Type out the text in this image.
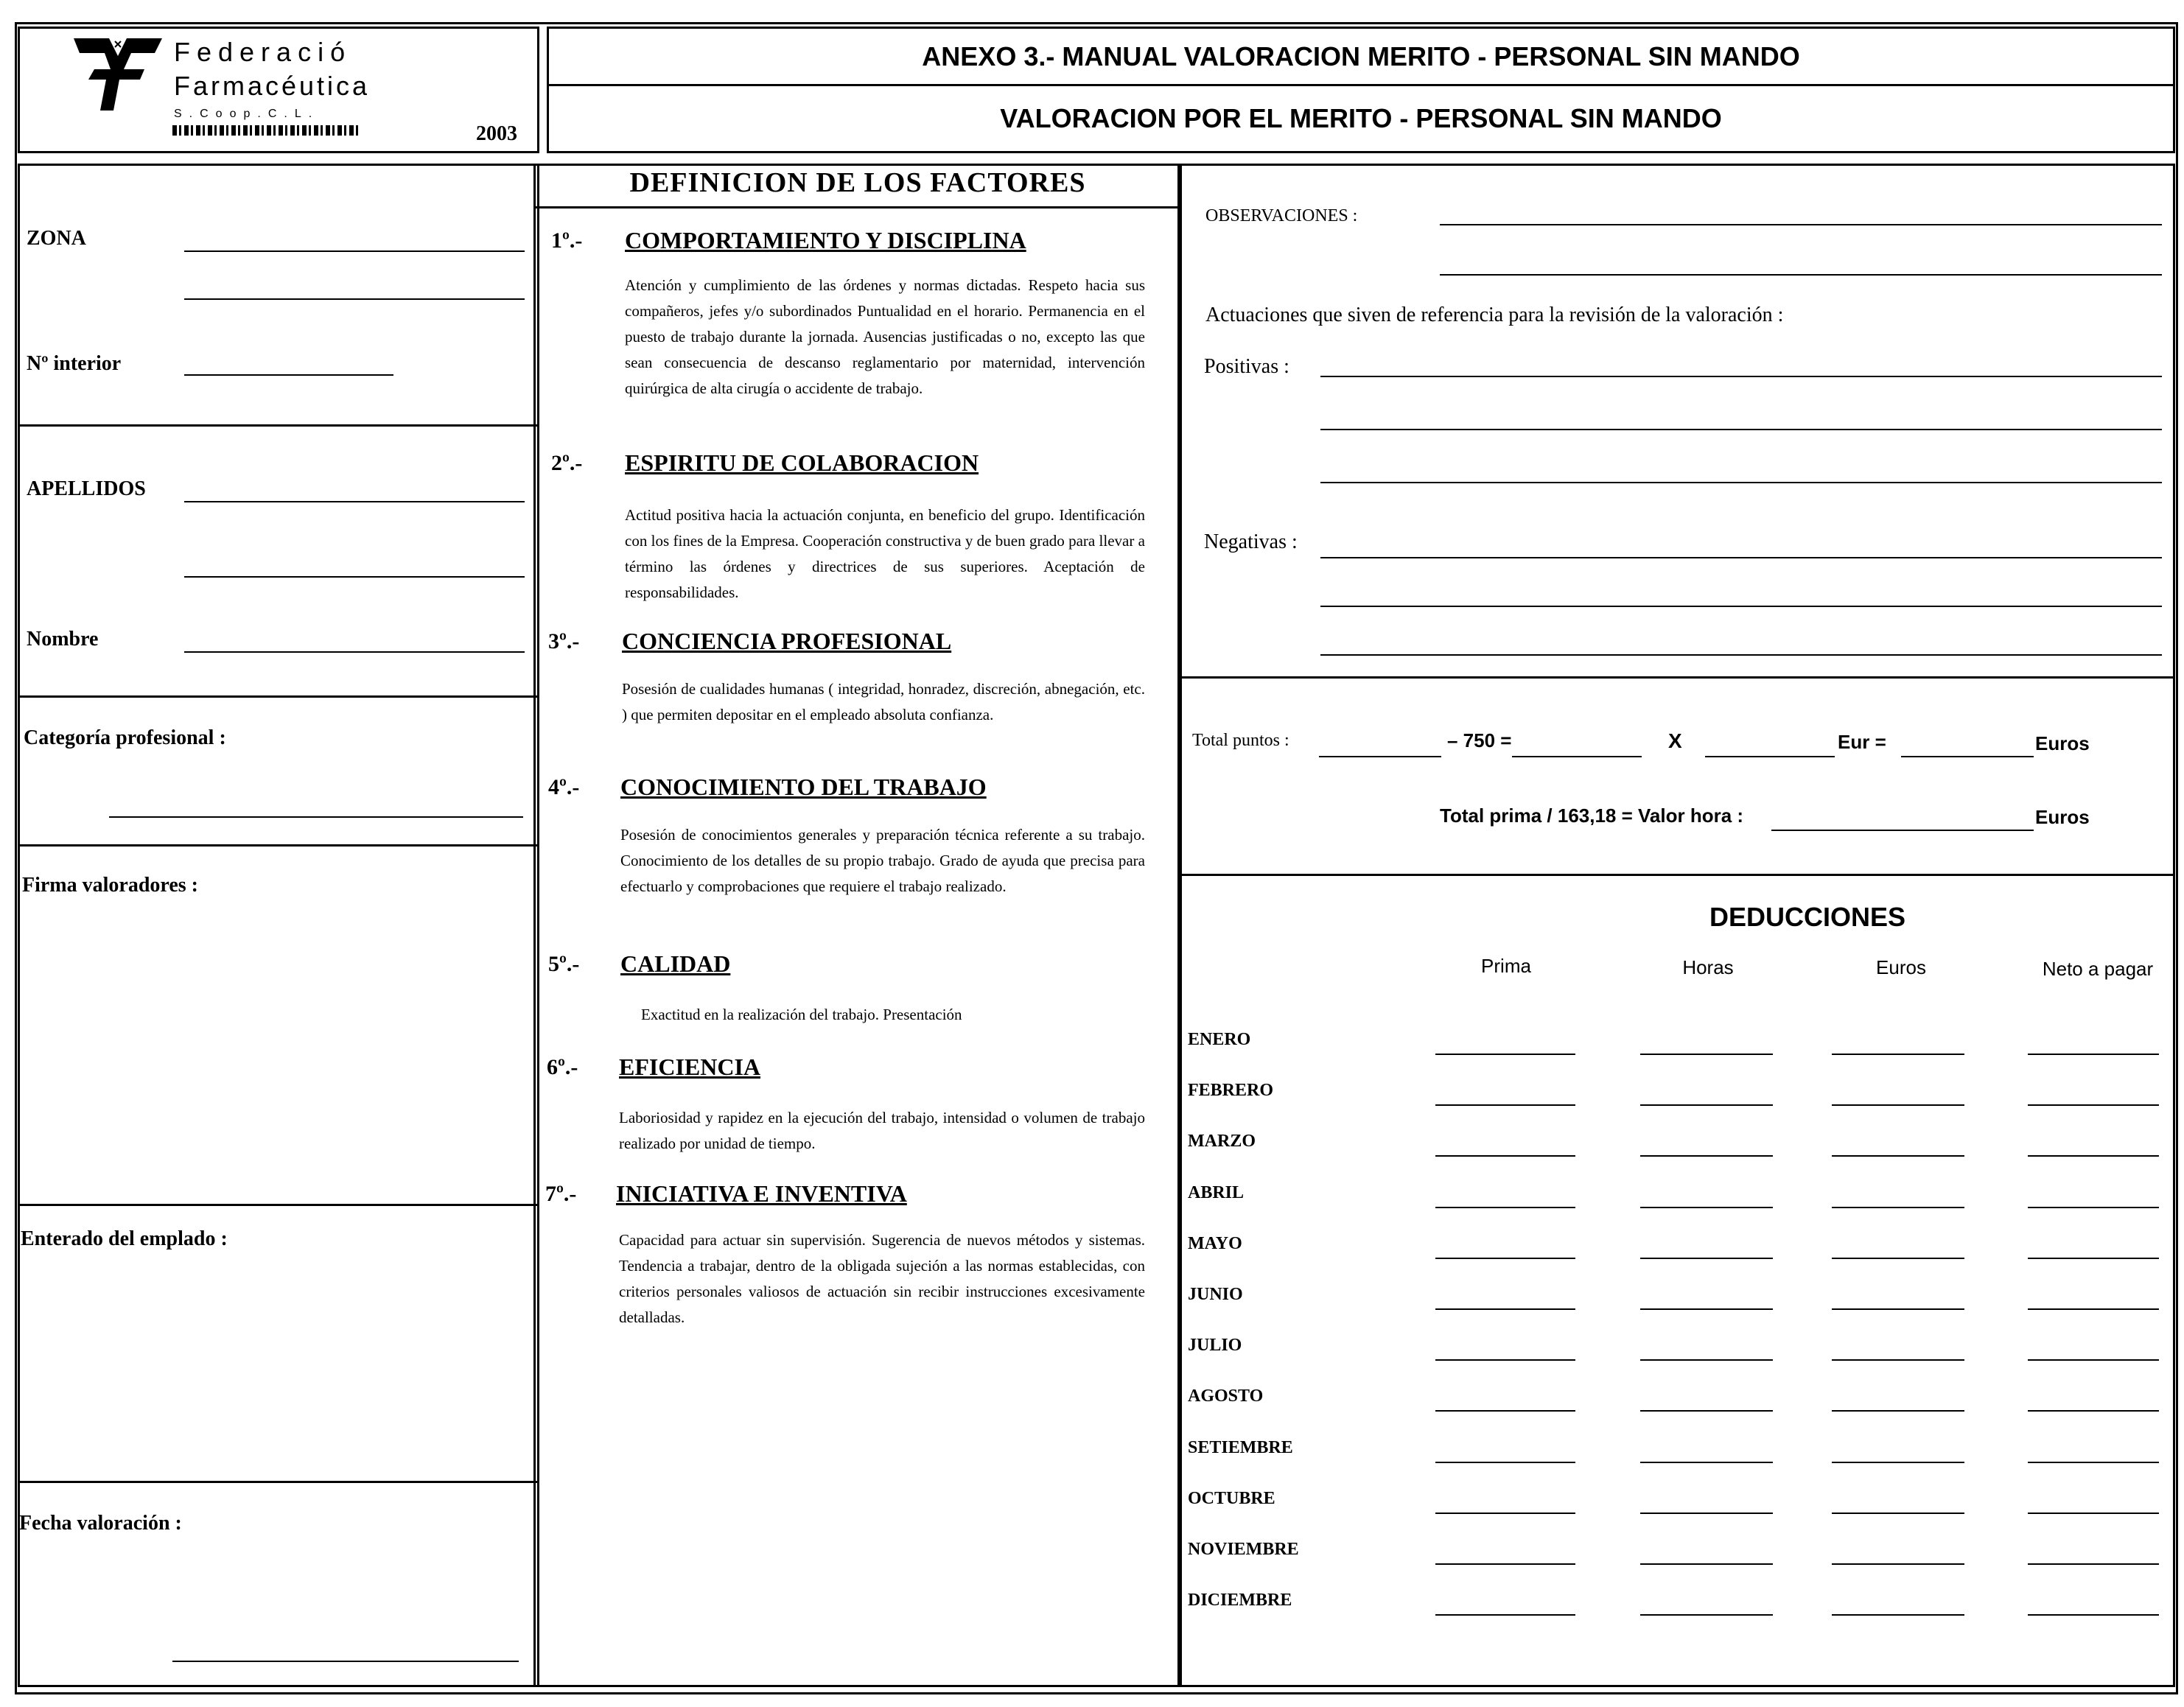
Federació
Farmacéutica
S.Coop.C.L.
2003
ANEXO 3.- MANUAL VALORACION MERITO - PERSONAL SIN MANDO
VALORACION POR EL MERITO - PERSONAL SIN MANDO
ZONA
Nº interior
APELLIDOS
Nombre
Categoría profesional :
Firma valoradores :
Enterado del emplado :
Fecha valoración :
DEFINICION DE LOS FACTORES
1º.- COMPORTAMIENTO Y DISCIPLINA
Atención y cumplimiento de las órdenes y normas dictadas. Respeto hacia sus compañeros, jefes y/o subordinados Puntualidad en el horario. Permanencia en el puesto de trabajo durante la jornada. Ausencias justificadas o no, excepto las que sean consecuencia de descanso reglamentario por maternidad, intervención quirúrgica de alta cirugía o accidente de trabajo.
2º.- ESPIRITU DE COLABORACION
Actitud positiva hacia la actuación conjunta, en beneficio del grupo. Identificación con los fines de la Empresa. Cooperación constructiva y de buen grado para llevar a término las órdenes y directrices de sus superiores. Aceptación de responsabilidades.
3º.- CONCIENCIA PROFESIONAL
Posesión de cualidades humanas ( integridad, honradez, discreción, abnegación, etc. ) que permiten depositar en el empleado absoluta confianza.
4º.- CONOCIMIENTO DEL TRABAJO
Posesión de conocimientos generales y preparación técnica referente a su trabajo. Conocimiento de los detalles de su propio trabajo. Grado de ayuda que precisa para efectuarlo y comprobaciones que requiere el trabajo realizado.
5º.- CALIDAD
Exactitud en la realización del trabajo. Presentación
6º.- EFICIENCIA
Laboriosidad y rapidez en la ejecución del trabajo, intensidad o volumen de trabajo realizado por unidad de tiempo.
7º.- INICIATIVA E INVENTIVA
Capacidad para actuar sin supervisión. Sugerencia de nuevos métodos y sistemas. Tendencia a trabajar, dentro de la obligada sujeción a las normas establecidas, con criterios personales valiosos de actuación sin recibir instrucciones excesivamente detalladas.
OBSERVACIONES :
Actuaciones que siven de referencia para la revisión de la valoración :
Positivas :
Negativas :
Total puntos :	– 750 =	X	Eur =	Euros
Total prima / 163,18 = Valor hora :	Euros
DEDUCCIONES
Prima	Horas	Euros	Neto a pagar
ENERO
FEBRERO
MARZO
ABRIL
MAYO
JUNIO
JULIO
AGOSTO
SETIEMBRE
OCTUBRE
NOVIEMBRE
DICIEMBRE
